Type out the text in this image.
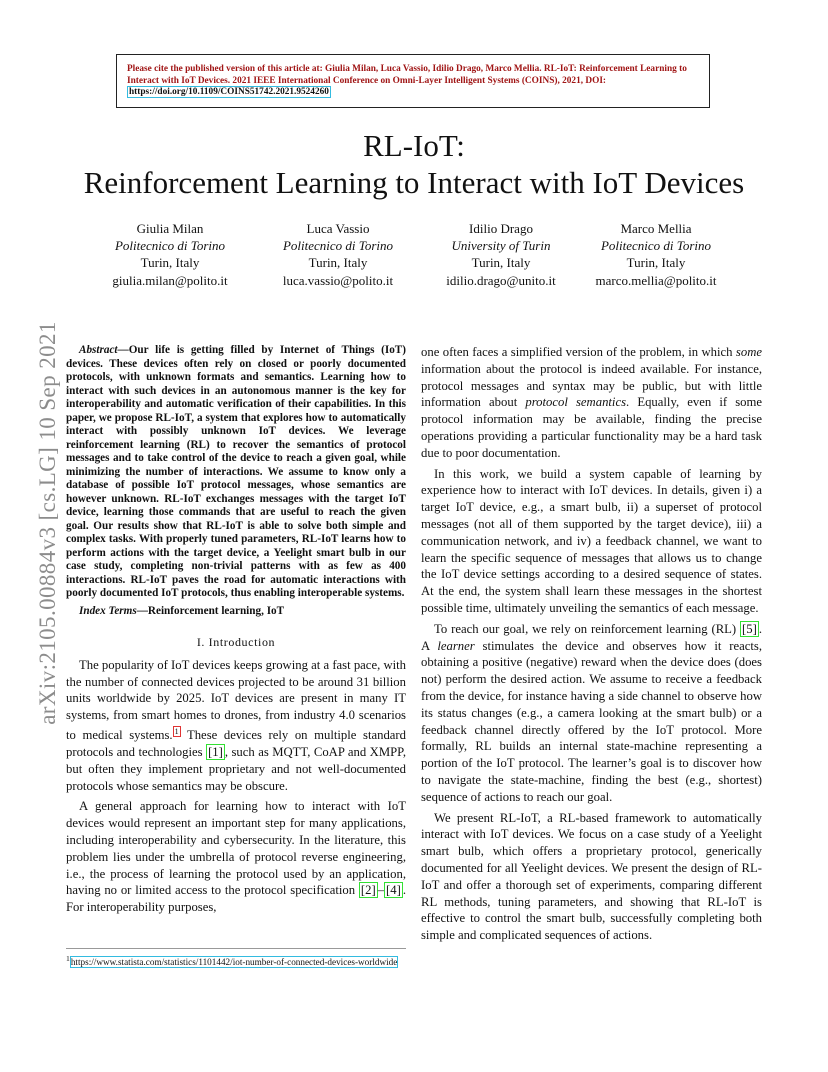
Please cite the published version of this article at: Giulia Milan, Luca Vassio, Idilio Drago, Marco Mellia. RL-IoT: Reinforcement Learning to Interact with IoT Devices. 2021 IEEE International Conference on Omni-Layer Intelligent Systems (COINS), 2021, DOI: https://doi.org/10.1109/COINS51742.2021.9524260
RL-IoT:
Reinforcement Learning to Interact with IoT Devices
Giulia Milan
Politecnico di Torino
Turin, Italy
giulia.milan@polito.it
Luca Vassio
Politecnico di Torino
Turin, Italy
luca.vassio@polito.it
Idilio Drago
University of Turin
Turin, Italy
idilio.drago@unito.it
Marco Mellia
Politecnico di Torino
Turin, Italy
marco.mellia@polito.it
arXiv:2105.00884v3 [cs.LG] 10 Sep 2021	Abstract—Our life is getting filled by Internet of Things (IoT) devices. These devices often rely on closed or poorly documented protocols, with unknown formats and semantics. Learning how to interact with such devices in an autonomous manner is the key for interoperability and automatic verification of their capabilities. In this paper, we propose RL-IoT, a system that explores how to automatically interact with possibly unknown IoT devices. We leverage reinforcement learning (RL) to recover the semantics of protocol messages and to take control of the device to reach a given goal, while minimizing the number of interactions. We assume to know only a database of possible IoT protocol messages, whose semantics are however unknown. RL-IoT exchanges messages with the target IoT device, learning those commands that are useful to reach the given goal. Our results show that RL-IoT is able to solve both simple and complex tasks. With properly tuned parameters, RL-IoT learns how to perform actions with the target device, a Yeelight smart bulb in our case study, completing non-trivial patterns with as few as 400 interactions. RL-IoT paves the road for automatic interactions with poorly documented IoT protocols, thus enabling interoperable systems.

Index Terms—Reinforcement learning, IoT

I. Introduction

The popularity of IoT devices keeps growing at a fast pace, with the number of connected devices projected to be around 31 billion units worldwide by 2025. IoT devices are present in many IT systems, from smart homes to drones, from industry 4.0 scenarios to medical systems. $^1$ These devices rely on multiple standard protocols and technologies [1] , such as MQTT, CoAP and XMPP, but often they implement proprietary and not well-documented protocols whose semantics may be obscure.

A general approach for learning how to interact with IoT devices would represent an important step for many applications, including interoperability and cybersecurity. In the literature, this problem lies under the umbrella of protocol reverse engineering, i.e., the process of learning the protocol used by an application, having no or limited access to the protocol specification [2] – [4] . For interoperability purposes,

$^1$https://www.statista.com/statistics/1101442/iot-number-of-connected-devices-worldwide

one often faces a simplified version of the problem, in which some information about the protocol is indeed available. For instance, protocol messages and syntax may be public, but with little information about protocol semantics. Equally, even if some protocol information may be available, finding the precise operations providing a particular functionality may be a hard task due to poor documentation.

In this work, we build a system capable of learning by experience how to interact with IoT devices. In details, given i) a target IoT device, e.g., a smart bulb, ii) a superset of protocol messages (not all of them supported by the target device), iii) a communication network, and iv) a feedback channel, we want to learn the specific sequence of messages that allows us to change the IoT device settings according to a desired sequence of states. At the end, the system shall learn these messages in the shortest possible time, ultimately unveiling the semantics of each message.

To reach our goal, we rely on reinforcement learning (RL) [5] . A learner stimulates the device and observes how it reacts, obtaining a positive (negative) reward when the device does (does not) perform the desired action. We assume to receive a feedback from the device, for instance having a side channel to observe how its status changes (e.g., a camera looking at the smart bulb) or a feedback channel directly offered by the IoT protocol. More formally, RL builds an internal state-machine representing a portion of the IoT protocol. The learner’s goal is to discover how to navigate the state-machine, finding the best (e.g., shortest) sequence of actions to reach our goal.

We present RL-IoT, a RL-based framework to automatically interact with IoT devices. We focus on a case study of a Yeelight smart bulb, which offers a proprietary protocol, generically documented for all Yeelight devices. We present the design of RL-IoT and offer a thorough set of experiments, comparing different RL methods, tuning parameters, and showing that RL-IoT is effective to control the smart bulb, successfully completing both simple and complicated sequences of actions.
